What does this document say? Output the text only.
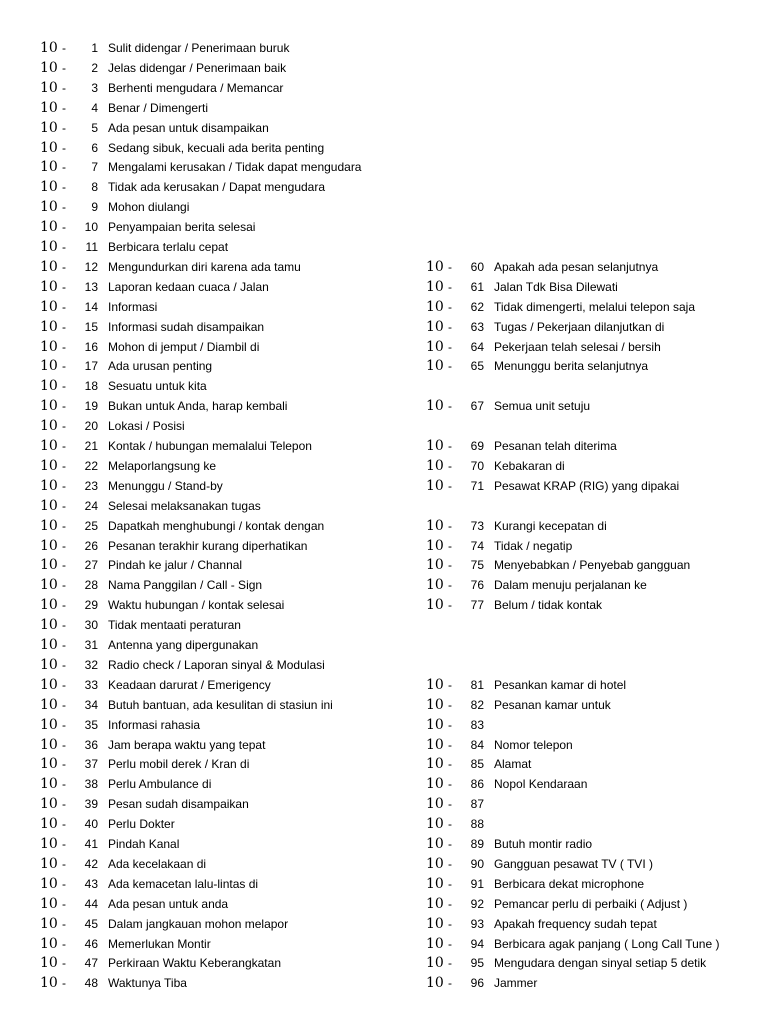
10 -	1 Sulit didengar / Penerimaan buruk
10 -	2 Jelas didengar / Penerimaan baik
10 -	3 Berhenti mengudara / Memancar
10 -	4 Benar / Dimengerti
10 -	5 Ada pesan untuk disampaikan
10 -	6 Sedang sibuk, kecuali ada berita penting
10 -	7 Mengalami kerusakan / Tidak dapat mengudara
10 -	8 Tidak ada kerusakan / Dapat mengudara
10 -	9 Mohon diulangi
10 -	10 Penyampaian berita selesai
10 -	11 Berbicara terlalu cepat
10 -	12 Mengundurkan diri karena ada tamu
10 -	13 Laporan kedaan cuaca / Jalan
10 -	14 Informasi
10 -	15 Informasi sudah disampaikan
10 -	16 Mohon di jemput / Diambil di
10 -	17 Ada urusan penting
10 -	18 Sesuatu untuk kita
10 -	19 Bukan untuk Anda, harap kembali
10 -	20 Lokasi / Posisi
10 -	21 Kontak / hubungan memalalui Telepon
10 -	22 Melaporlangsung ke
10 -	23 Menunggu / Stand-by
10 -	24 Selesai melaksanakan tugas
10 -	25 Dapatkah menghubungi / kontak dengan
10 -	26 Pesanan terakhir kurang diperhatikan
10 -	27 Pindah ke jalur / Channal
10 -	28 Nama Panggilan / Call - Sign
10 -	29 Waktu hubungan / kontak selesai
10 -	30 Tidak mentaati peraturan
10 -	31 Antenna yang dipergunakan
10 -	32 Radio check / Laporan sinyal & Modulasi
10 -	33 Keadaan darurat / Emerigency
10 -	34 Butuh bantuan, ada kesulitan di stasiun ini
10 -	35 Informasi rahasia
10 -	36 Jam berapa waktu yang tepat
10 -	37 Perlu mobil derek / Kran di
10 -	38 Perlu Ambulance di
10 -	39 Pesan sudah disampaikan
10 -	40 Perlu Dokter
10 -	41 Pindah Kanal
10 -	42 Ada kecelakaan di
10 -	43 Ada kemacetan lalu-lintas di
10 -	44 Ada pesan untuk anda
10 -	45 Dalam jangkauan mohon melapor
10 -	46 Memerlukan Montir
10 -	47 Perkiraan Waktu Keberangkatan
10 -	48 Waktunya Tiba
10 -	60 Apakah ada pesan selanjutnya
10 -	61 Jalan Tdk Bisa Dilewati
10 -	62 Tidak dimengerti, melalui telepon saja
10 -	63 Tugas / Pekerjaan dilanjutkan di
10 -	64 Pekerjaan telah selesai / bersih
10 -	65 Menunggu berita selanjutnya
10 -	67 Semua unit setuju
10 -	69 Pesanan telah diterima
10 -	70 Kebakaran di
10 -	71 Pesawat KRAP (RIG) yang dipakai
10 -	73 Kurangi kecepatan di
10 -	74 Tidak / negatip
10 -	75 Menyebabkan / Penyebab gangguan
10 -	76 Dalam menuju perjalanan ke
10 -	77 Belum / tidak kontak
10 -	81 Pesankan kamar di hotel
10 -	82 Pesanan kamar untuk
10 -	83
10 -	84 Nomor telepon
10 -	85 Alamat
10 -	86 Nopol Kendaraan
10 -	87
10 -	88
10 -	89 Butuh montir radio
10 -	90 Gangguan pesawat TV ( TVI )
10 -	91 Berbicara dekat microphone
10 -	92 Pemancar perlu di perbaiki ( Adjust )
10 -	93 Apakah frequency sudah tepat
10 -	94 Berbicara agak panjang ( Long Call Tune )
10 -	95 Mengudara dengan sinyal setiap 5 detik
10 -	96 Jammer
